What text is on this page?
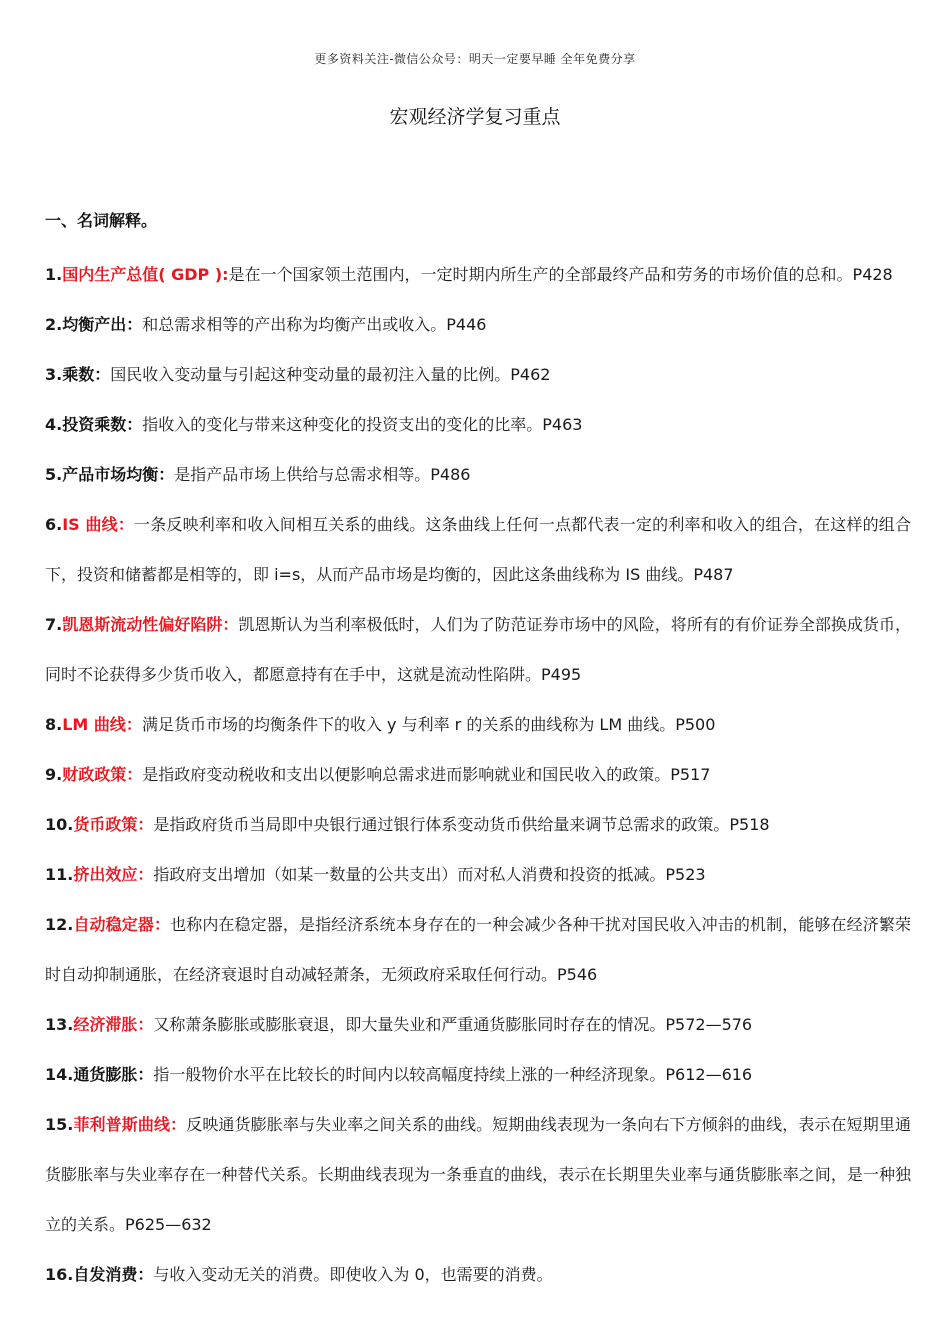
更多资料关注-微信公众号：明天一定要早睡 全年免费分享
宏观经济学复习重点
一、名词解释。
1.国内生产总值( GDP ):是在一个国家领土范围内，一定时期内所生产的全部最终产品和劳务的市场价值的总和。P428
2.均衡产出：和总需求相等的产出称为均衡产出或收入。P446
3.乘数：国民收入变动量与引起这种变动量的最初注入量的比例。P462
4.投资乘数：指收入的变化与带来这种变化的投资支出的变化的比率。P463
5.产品市场均衡：是指产品市场上供给与总需求相等。P486
6.IS 曲线：一条反映利率和收入间相互关系的曲线。这条曲线上任何一点都代表一定的利率和收入的组合，在这样的组合下，投资和储蓄都是相等的，即 i=s，从而产品市场是均衡的，因此这条曲线称为 IS 曲线。P487
7.凯恩斯流动性偏好陷阱：凯恩斯认为当利率极低时，人们为了防范证券市场中的风险，将所有的有价证券全部换成货币，同时不论获得多少货币收入，都愿意持有在手中，这就是流动性陷阱。P495
8.LM 曲线：满足货币市场的均衡条件下的收入 y 与利率 r 的关系的曲线称为 LM 曲线。P500
9.财政政策：是指政府变动税收和支出以便影响总需求进而影响就业和国民收入的政策。P517
10.货币政策：是指政府货币当局即中央银行通过银行体系变动货币供给量来调节总需求的政策。P518
11.挤出效应：指政府支出增加（如某一数量的公共支出）而对私人消费和投资的抵减。P523
12.自动稳定器：也称内在稳定器，是指经济系统本身存在的一种会减少各种干扰对国民收入冲击的机制，能够在经济繁荣时自动抑制通胀，在经济衰退时自动减轻萧条，无须政府采取任何行动。P546
13.经济滞胀：又称萧条膨胀或膨胀衰退，即大量失业和严重通货膨胀同时存在的情况。P572—576
14.通货膨胀：指一般物价水平在比较长的时间内以较高幅度持续上涨的一种经济现象。P612—616
15.菲利普斯曲线：反映通货膨胀率与失业率之间关系的曲线。短期曲线表现为一条向右下方倾斜的曲线，表示在短期里通货膨胀率与失业率存在一种替代关系。长期曲线表现为一条垂直的曲线，表示在长期里失业率与通货膨胀率之间，是一种独立的关系。P625—632
16.自发消费：与收入变动无关的消费。即使收入为 0，也需要的消费。
